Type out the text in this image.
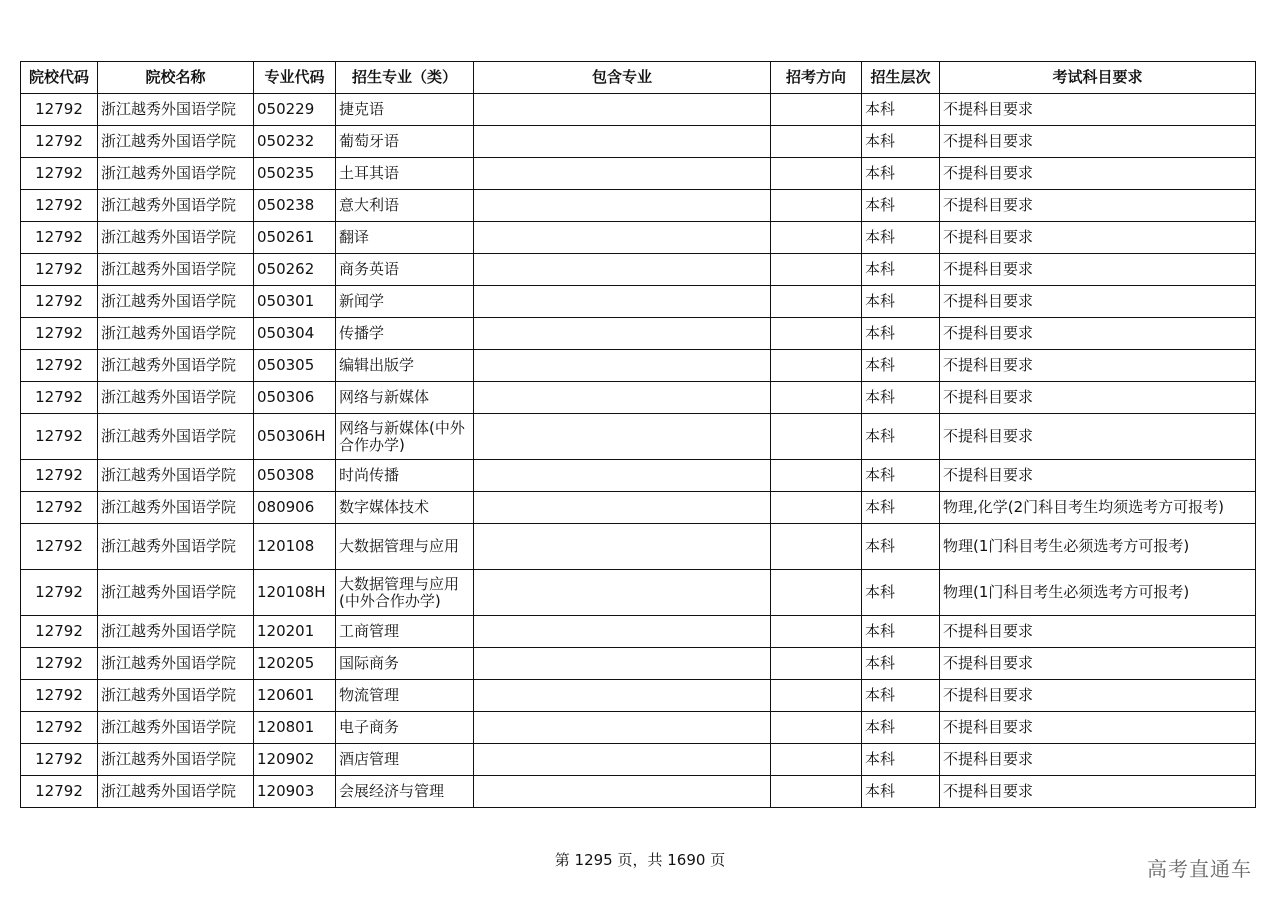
院校代码	院校名称	专业代码	招生专业（类）	包含专业	招考方向	招生层次	考试科目要求
12792	浙江越秀外国语学院	050229	捷克语			本科	不提科目要求
12792	浙江越秀外国语学院	050232	葡萄牙语			本科	不提科目要求
12792	浙江越秀外国语学院	050235	土耳其语			本科	不提科目要求
12792	浙江越秀外国语学院	050238	意大利语			本科	不提科目要求
12792	浙江越秀外国语学院	050261	翻译			本科	不提科目要求
12792	浙江越秀外国语学院	050262	商务英语			本科	不提科目要求
12792	浙江越秀外国语学院	050301	新闻学			本科	不提科目要求
12792	浙江越秀外国语学院	050304	传播学			本科	不提科目要求
12792	浙江越秀外国语学院	050305	编辑出版学			本科	不提科目要求
12792	浙江越秀外国语学院	050306	网络与新媒体			本科	不提科目要求
12792	浙江越秀外国语学院	050306H	网络与新媒体(中外合作办学)			本科	不提科目要求
12792	浙江越秀外国语学院	050308	时尚传播			本科	不提科目要求
12792	浙江越秀外国语学院	080906	数字媒体技术			本科	物理,化学(2门科目考生均须选考方可报考)
12792	浙江越秀外国语学院	120108	大数据管理与应用			本科	物理(1门科目考生必须选考方可报考)
12792	浙江越秀外国语学院	120108H	大数据管理与应用(中外合作办学)			本科	物理(1门科目考生必须选考方可报考)
12792	浙江越秀外国语学院	120201	工商管理			本科	不提科目要求
12792	浙江越秀外国语学院	120205	国际商务			本科	不提科目要求
12792	浙江越秀外国语学院	120601	物流管理			本科	不提科目要求
12792	浙江越秀外国语学院	120801	电子商务			本科	不提科目要求
12792	浙江越秀外国语学院	120902	酒店管理			本科	不提科目要求
12792	浙江越秀外国语学院	120903	会展经济与管理			本科	不提科目要求
第 1295 页，共 1690 页	高考直通车
